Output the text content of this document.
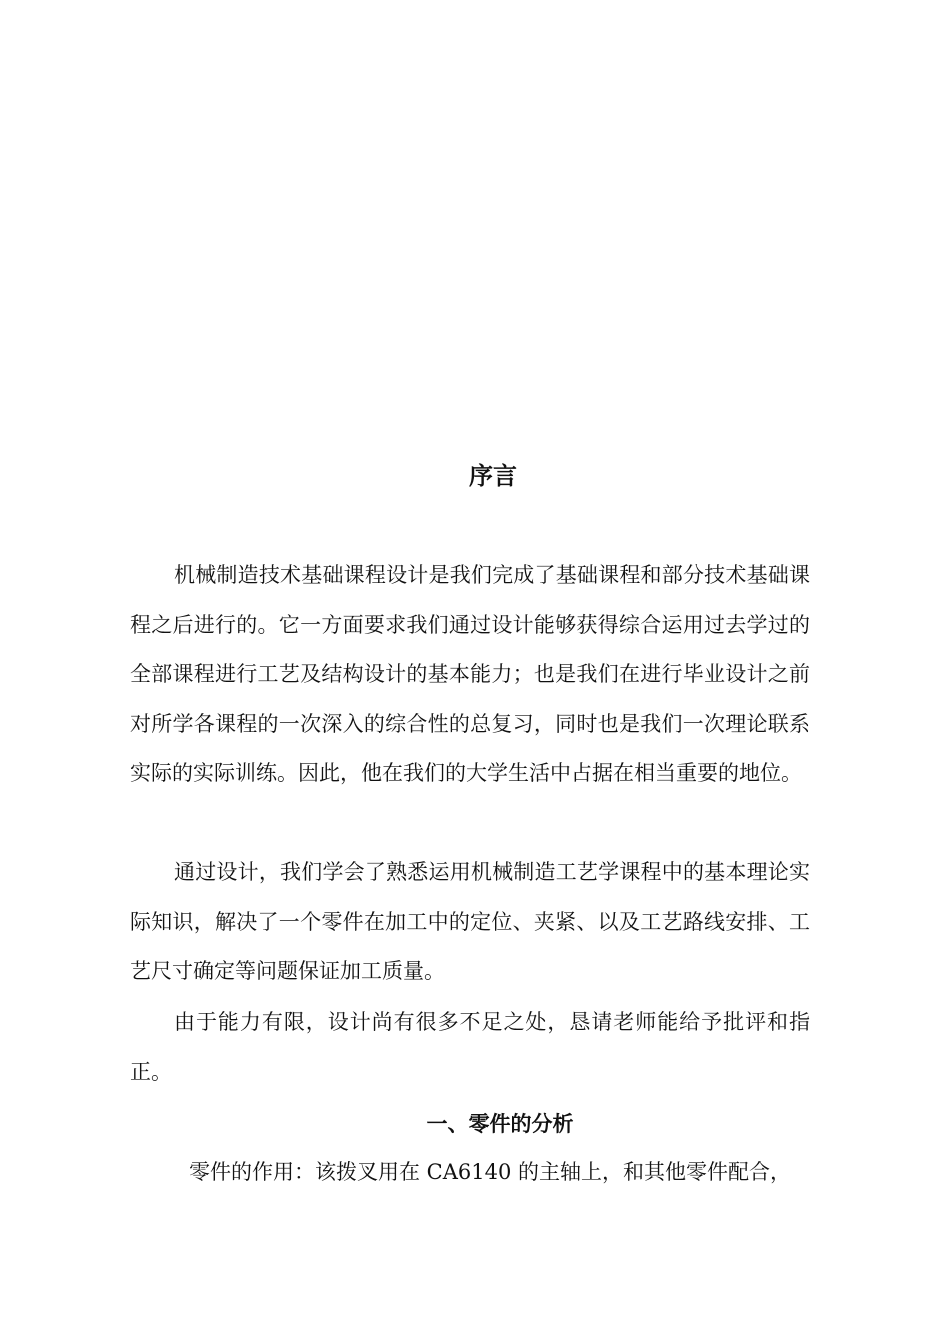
序言
机械制造技术基础课程设计是我们完成了基础课程和部分技术基础课程之后进行的。它一方面要求我们通过设计能够获得综合运用过去学过的全部课程进行工艺及结构设计的基本能力；也是我们在进行毕业设计之前对所学各课程的一次深入的综合性的总复习，同时也是我们一次理论联系实际的实际训练。因此，他在我们的大学生活中占据在相当重要的地位。
通过设计，我们学会了熟悉运用机械制造工艺学课程中的基本理论实际知识，解决了一个零件在加工中的定位、夹紧、以及工艺路线安排、工艺尺寸确定等问题保证加工质量。
由于能力有限，设计尚有很多不足之处，恳请老师能给予批评和指正。
一、零件的分析
零件的作用：该拨叉用在 CA6140 的主轴上，和其他零件配合，
